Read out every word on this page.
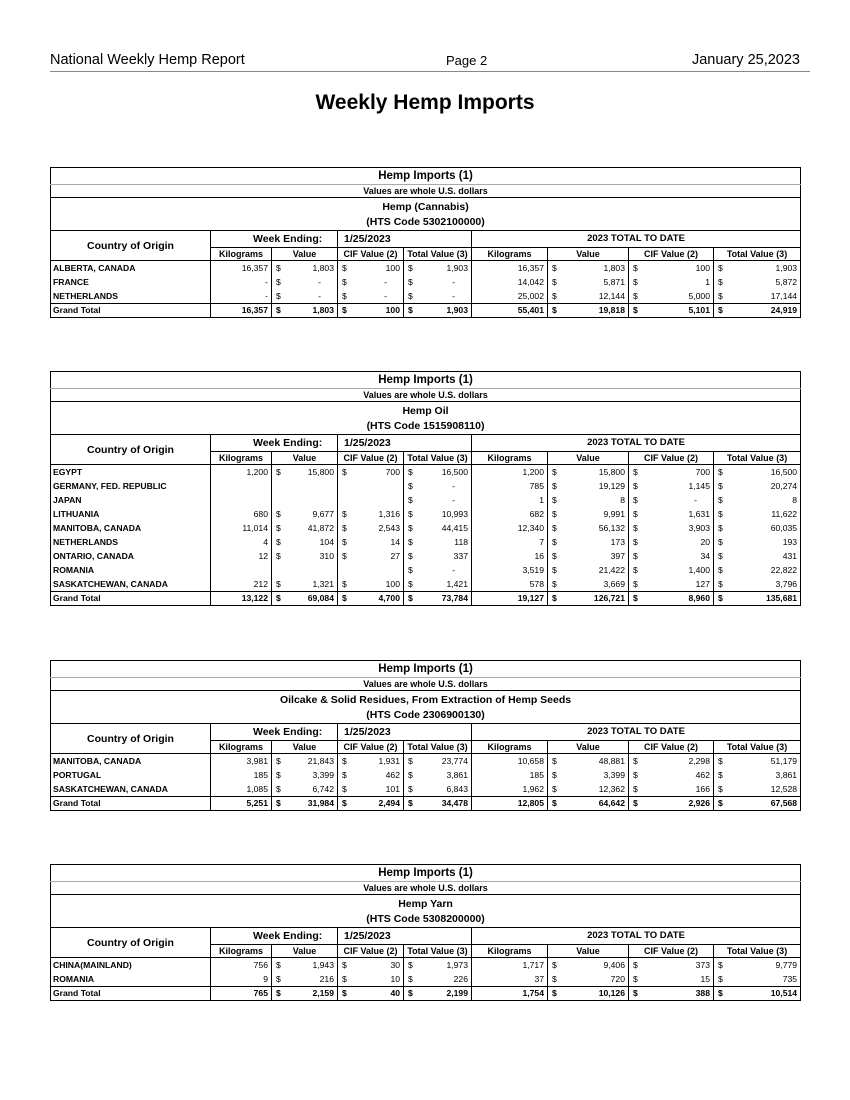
National Weekly Hemp Report	Page 2	January 25,2023
Weekly Hemp Imports
Hemp Imports (1)								
Values are whole U.S. dollars								
Hemp (Cannabis)								
(HTS Code 5302100000)								
Country of Origin	Week Ending:		1/25/2023		2023 TOTAL TO DATE			
	Kilograms	Value	CIF Value (2)	Total Value (3)	Kilograms	Value	CIF Value (2)	Total Value (3)
ALBERTA, CANADA	16,357	$ 1,803	$ 100	$ 1,903	16,357	$ 1,803	$ 100	$ 1,903
FRANCE	-	$ -	$ -	$ -	14,042	$ 5,871	$ 1	$ 5,872
NETHERLANDS	-	$ -	$ -	$ -	25,002	$ 12,144	$ 5,000	$ 17,144
Grand Total	16,357	$ 1,803	$ 100	$ 1,903	55,401	$ 19,818	$ 5,101	$ 24,919
Hemp Imports (1)								
Values are whole U.S. dollars								
Hemp Oil								
(HTS Code 1515908110)								
Country of Origin	Week Ending:		1/25/2023		2023 TOTAL TO DATE			
	Kilograms	Value	CIF Value (2)	Total Value (3)	Kilograms	Value	CIF Value (2)	Total Value (3)
EGYPT	1,200	$ 15,800	$ 700	$ 16,500	1,200	$ 15,800	$ 700	$ 16,500
GERMANY, FED. REPUBLIC				$ -	785	$ 19,129	$ 1,145	$ 20,274
JAPAN				$ -	1	$ 8	$ -	$ 8
LITHUANIA	680	$ 9,677	$ 1,316	$ 10,993	682	$ 9,991	$ 1,631	$ 11,622
MANITOBA, CANADA	11,014	$ 41,872	$ 2,543	$ 44,415	12,340	$ 56,132	$ 3,903	$ 60,035
NETHERLANDS	4	$ 104	$ 14	$ 118	7	$ 173	$ 20	$ 193
ONTARIO, CANADA	12	$ 310	$ 27	$ 337	16	$ 397	$ 34	$ 431
ROMANIA				$ -	3,519	$ 21,422	$ 1,400	$ 22,822
SASKATCHEWAN, CANADA	212	$ 1,321	$ 100	$ 1,421	578	$ 3,669	$ 127	$ 3,796
Grand Total	13,122	$ 69,084	$ 4,700	$ 73,784	19,127	$ 126,721	$ 8,960	$ 135,681
Hemp Imports (1)								
Values are whole U.S. dollars								
Oilcake & Solid Residues, From Extraction of Hemp Seeds								
(HTS Code 2306900130)								
Country of Origin	Week Ending:		1/25/2023		2023 TOTAL TO DATE			
	Kilograms	Value	CIF Value (2)	Total Value (3)	Kilograms	Value	CIF Value (2)	Total Value (3)
MANITOBA, CANADA	3,981	$ 21,843	$ 1,931	$ 23,774	10,658	$ 48,881	$ 2,298	$ 51,179
PORTUGAL	185	$ 3,399	$ 462	$ 3,861	185	$ 3,399	$ 462	$ 3,861
SASKATCHEWAN, CANADA	1,085	$ 6,742	$ 101	$ 6,843	1,962	$ 12,362	$ 166	$ 12,528
Grand Total	5,251	$ 31,984	$ 2,494	$ 34,478	12,805	$ 64,642	$ 2,926	$ 67,568
Hemp Imports (1)								
Values are whole U.S. dollars								
Hemp Yarn								
(HTS Code 5308200000)								
Country of Origin	Week Ending:		1/25/2023		2023 TOTAL TO DATE			
	Kilograms	Value	CIF Value (2)	Total Value (3)	Kilograms	Value	CIF Value (2)	Total Value (3)
CHINA(MAINLAND)	756	$ 1,943	$ 30	$ 1,973	1,717	$ 9,406	$ 373	$ 9,779
ROMANIA	9	$ 216	$ 10	$ 226	37	$ 720	$ 15	$ 735
Grand Total	765	$ 2,159	$ 40	$ 2,199	1,754	$ 10,126	$ 388	$ 10,514
